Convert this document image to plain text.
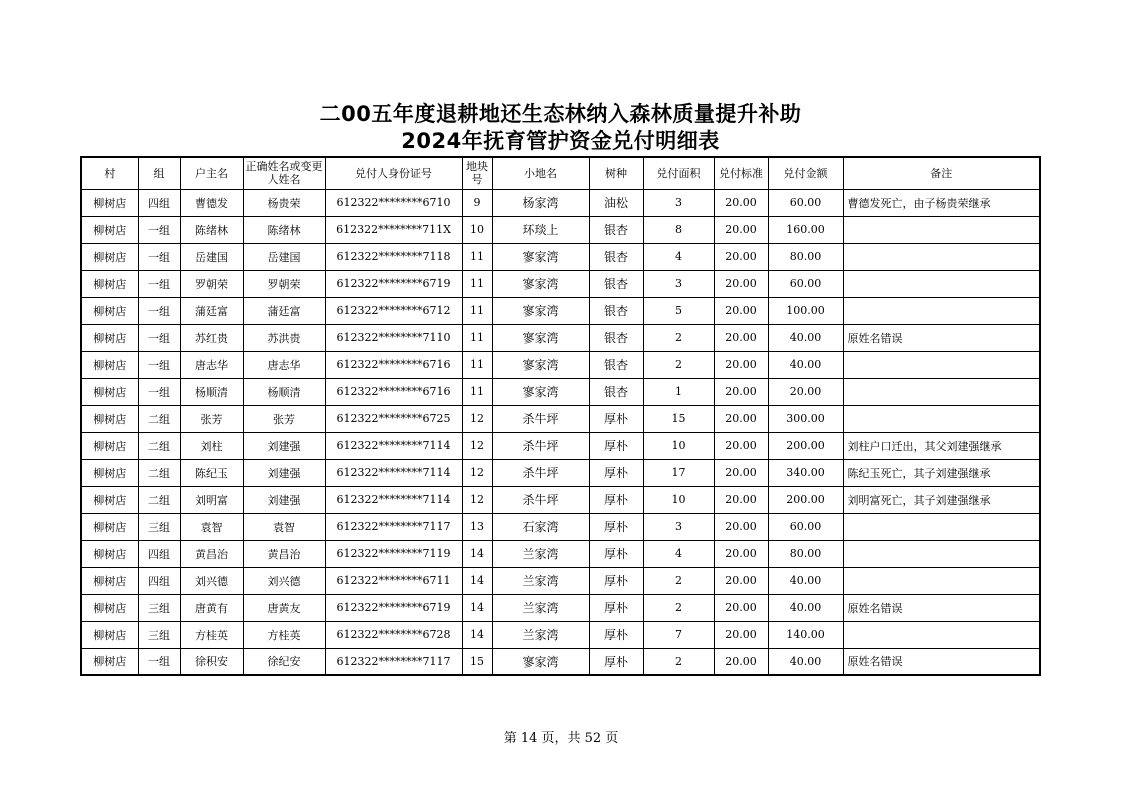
二00五年度退耕地还生态林纳入森林质量提升补助
2024年抚育管护资金兑付明细表
村	组	户主名	正确姓名或变更人姓名	兑付人身份证号	地块号	小地名	树种	兑付面积	兑付标准	兑付金额	备注
柳树店	四组	曹德发	杨贵荣	612322********6710	9	杨家湾	油松	3	20.00	60.00	曹德发死亡，由子杨贵荣继承
柳树店	一组	陈绪林	陈绪林	612322********711X	10	环琰上	银杏	8	20.00	160.00	
柳树店	一组	岳建国	岳建国	612322********7118	11	寥家湾	银杏	4	20.00	80.00	
柳树店	一组	罗朝荣	罗朝荣	612322********6719	11	寥家湾	银杏	3	20.00	60.00	
柳树店	一组	蒲廷富	蒲廷富	612322********6712	11	寥家湾	银杏	5	20.00	100.00	
柳树店	一组	苏红贵	苏洪贵	612322********7110	11	寥家湾	银杏	2	20.00	40.00	原姓名错误
柳树店	一组	唐志华	唐志华	612322********6716	11	寥家湾	银杏	2	20.00	40.00	
柳树店	一组	杨顺清	杨顺清	612322********6716	11	寥家湾	银杏	1	20.00	20.00	
柳树店	二组	张芳	张芳	612322********6725	12	杀牛坪	厚朴	15	20.00	300.00	
柳树店	二组	刘柱	刘建强	612322********7114	12	杀牛坪	厚朴	10	20.00	200.00	刘柱户口迁出，其父刘建强继承
柳树店	二组	陈纪玉	刘建强	612322********7114	12	杀牛坪	厚朴	17	20.00	340.00	陈纪玉死亡，其子刘建强继承
柳树店	二组	刘明富	刘建强	612322********7114	12	杀牛坪	厚朴	10	20.00	200.00	刘明富死亡，其子刘建强继承
柳树店	三组	袁智	袁智	612322********7117	13	石家湾	厚朴	3	20.00	60.00	
柳树店	四组	黄昌治	黄昌治	612322********7119	14	兰家湾	厚朴	4	20.00	80.00	
柳树店	四组	刘兴德	刘兴德	612322********6711	14	兰家湾	厚朴	2	20.00	40.00	
柳树店	三组	唐黄有	唐黄友	612322********6719	14	兰家湾	厚朴	2	20.00	40.00	原姓名错误
柳树店	三组	方桂英	方桂英	612322********6728	14	兰家湾	厚朴	7	20.00	140.00	
柳树店	一组	徐积安	徐纪安	612322********7117	15	寥家湾	厚朴	2	20.00	40.00	原姓名错误
第 14 页，共 52 页
